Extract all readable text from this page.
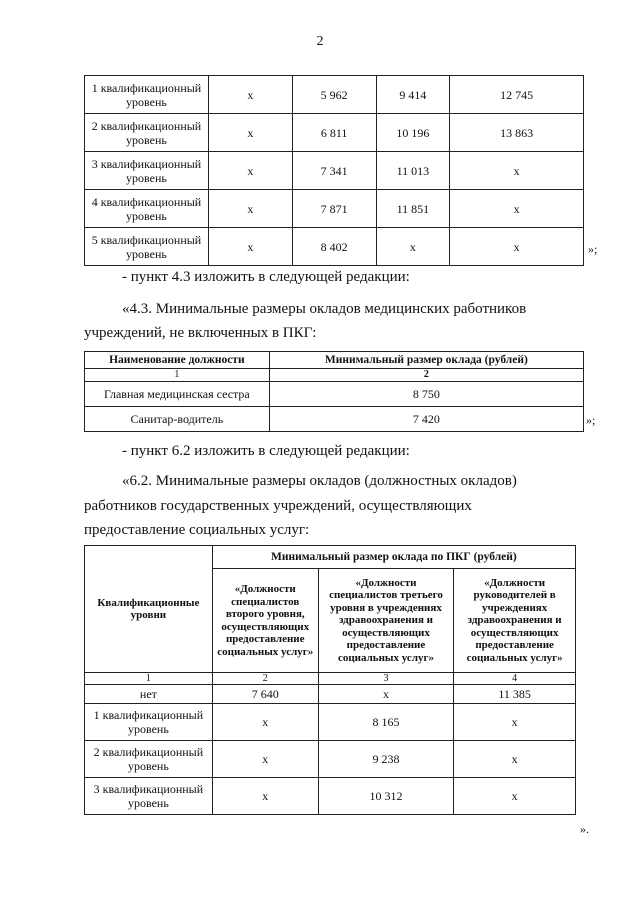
2
1 квалификационный уровень	х	5 962	9 414	12 745
2 квалификационный уровень	х	6 811	10 196	13 863
3 квалификационный уровень	х	7 341	11 013	х
4 квалификационный уровень	х	7 871	11 851	х
5 квалификационный уровень	х	8 402	х	х	»;
- пункт 4.3 изложить в следующей редакции:
«4.3. Минимальные размеры окладов медицинских работников
учреждений, не включенных в ПКГ:
Наименование должности	Минимальный размер оклада (рублей)
1	2
Главная медицинская сестра	8 750
Санитар-водитель	7 420	»;
- пункт 6.2 изложить в следующей редакции:
«6.2. Минимальные размеры окладов (должностных окладов)
работников государственных учреждений, осуществляющих
предоставление социальных услуг:
Квалификационные уровни	Минимальный размер оклада по ПКГ (рублей)		
	«Должности специалистов второго уровня, осуществляющих предоставление социальных услуг»	«Должности специалистов третьего уровня в учреждениях здравоохранения и осуществляющих предоставление социальных услуг»	«Должности руководителей в учреждениях здравоохранения и осуществляющих предоставление социальных услуг»
1	2	3	4
нет	7 640	х	11 385
1 квалификационный уровень	х	8 165	х
2 квалификационный уровень	х	9 238	х
3 квалификационный уровень	х	10 312	х
».
